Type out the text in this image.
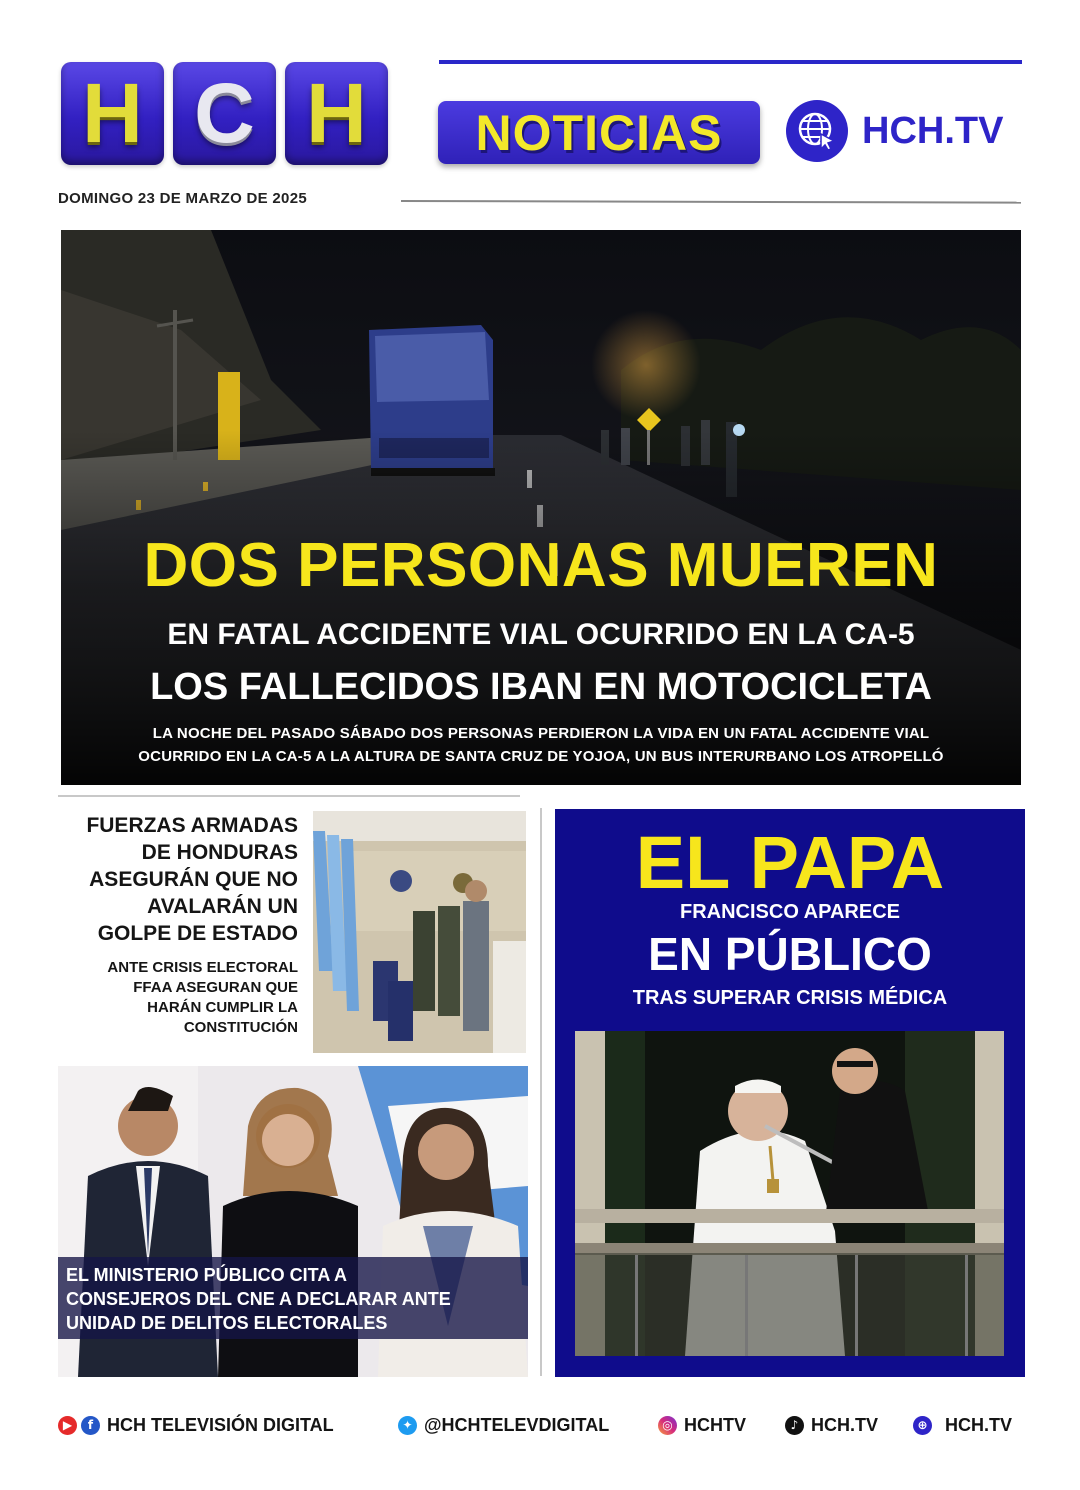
H C H	NOTICIAS	HCH.TV
DOMINGO 23 DE MARZO DE 2025
DOS PERSONAS MUEREN
EN FATAL ACCIDENTE VIAL OCURRIDO EN LA CA-5
LOS FALLECIDOS IBAN EN MOTOCICLETA
LA NOCHE DEL PASADO SÁBADO DOS PERSONAS PERDIERON LA VIDA EN UN FATAL ACCIDENTE VIAL
OCURRIDO EN LA CA-5 A LA ALTURA DE SANTA CRUZ DE YOJOA, UN BUS INTERURBANO LOS ATROPELLÓ
FUERZAS ARMADAS
DE HONDURAS
ASEGURÁN QUE NO
AVALARÁN UN
GOLPE DE ESTADO
ANTE CRISIS ELECTORAL
FFAA ASEGURAN QUE
HARÁN CUMPLIR LA
CONSTITUCIÓN
EL MINISTERIO PÚBLICO CITA A
CONSEJEROS DEL CNE A DECLARAR ANTE
UNIDAD DE DELITOS ELECTORALES
EL PAPA
FRANCISCO APARECE
EN PÚBLICO
TRAS SUPERAR CRISIS MÉDICA
▶	f HCH TELEVISIÓN DIGITAL	✦ @HCHTELEVDIGITAL	◎ HCHTV	♪ HCH.TV	⊕ HCH.TV
